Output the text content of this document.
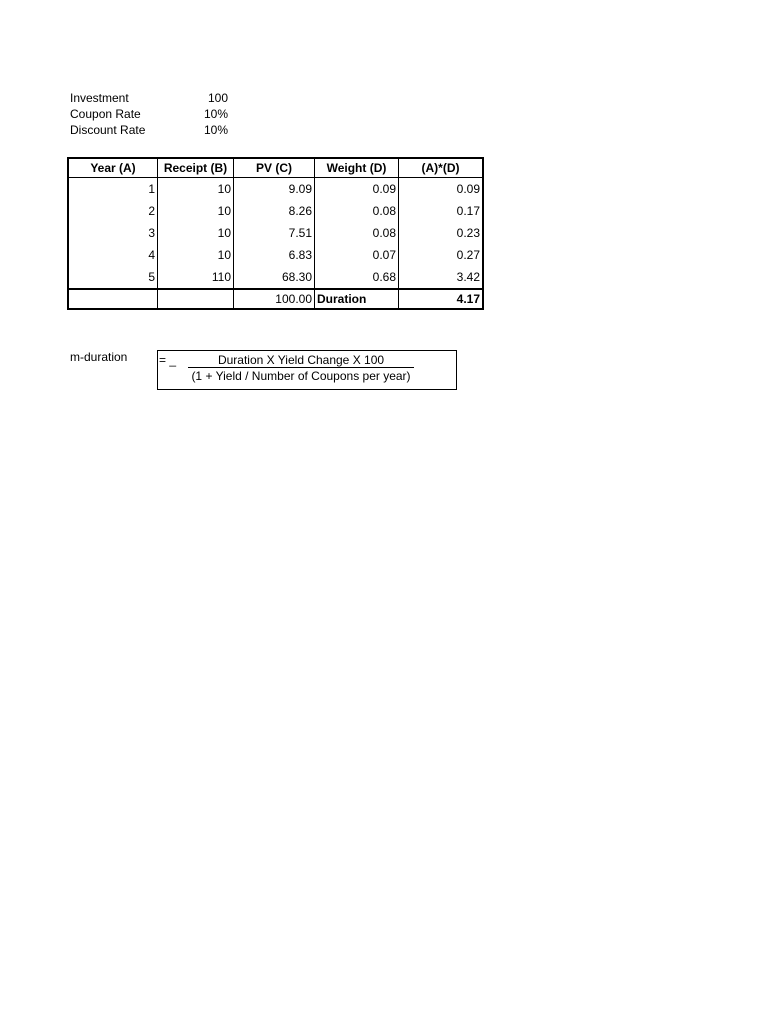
Investment	100
Coupon Rate	10%
Discount Rate	10%
Year (A)	Receipt (B)	PV (C)	Weight (D)	(A)*(D)
1	10	9.09	0.09	0.09
2	10	8.26	0.08	0.17
3	10	7.51	0.08	0.23
4	10	6.83	0.07	0.27
5	110	68.30	0.68	3.42
		100.00	Duration	4.17
m-duration	= _	Duration X Yield Change X 100
(1 + Yield / Number of Coupons per year)
